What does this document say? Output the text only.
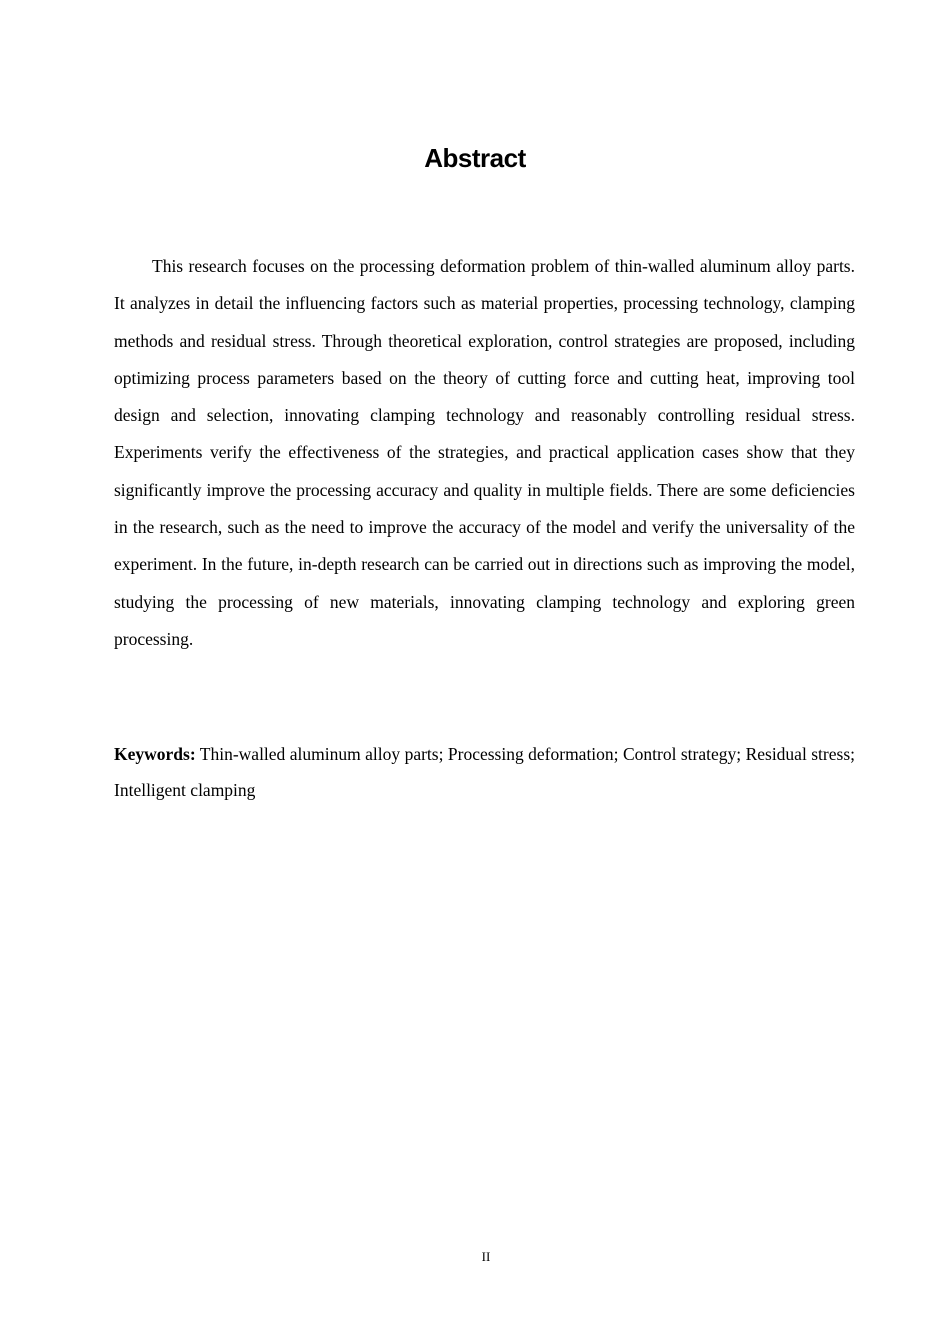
Abstract

This research focuses on the processing deformation problem of thin-walled aluminum alloy parts. It analyzes in detail the influencing factors such as material properties, processing technology, clamping methods and residual stress. Through theoretical exploration, control strategies are proposed, including optimizing process parameters based on the theory of cutting force and cutting heat, improving tool design and selection, innovating clamping technology and reasonably controlling residual stress. Experiments verify the effectiveness of the strategies, and practical application cases show that they significantly improve the processing accuracy and quality in multiple fields. There are some deficiencies in the research, such as the need to improve the accuracy of the model and verify the universality of the experiment. In the future, in-depth research can be carried out in directions such as improving the model, studying the processing of new materials, innovating clamping technology and exploring green processing.

Keywords: Thin-walled aluminum alloy parts; Processing deformation; Control strategy; Residual stress; Intelligent clamping

II
